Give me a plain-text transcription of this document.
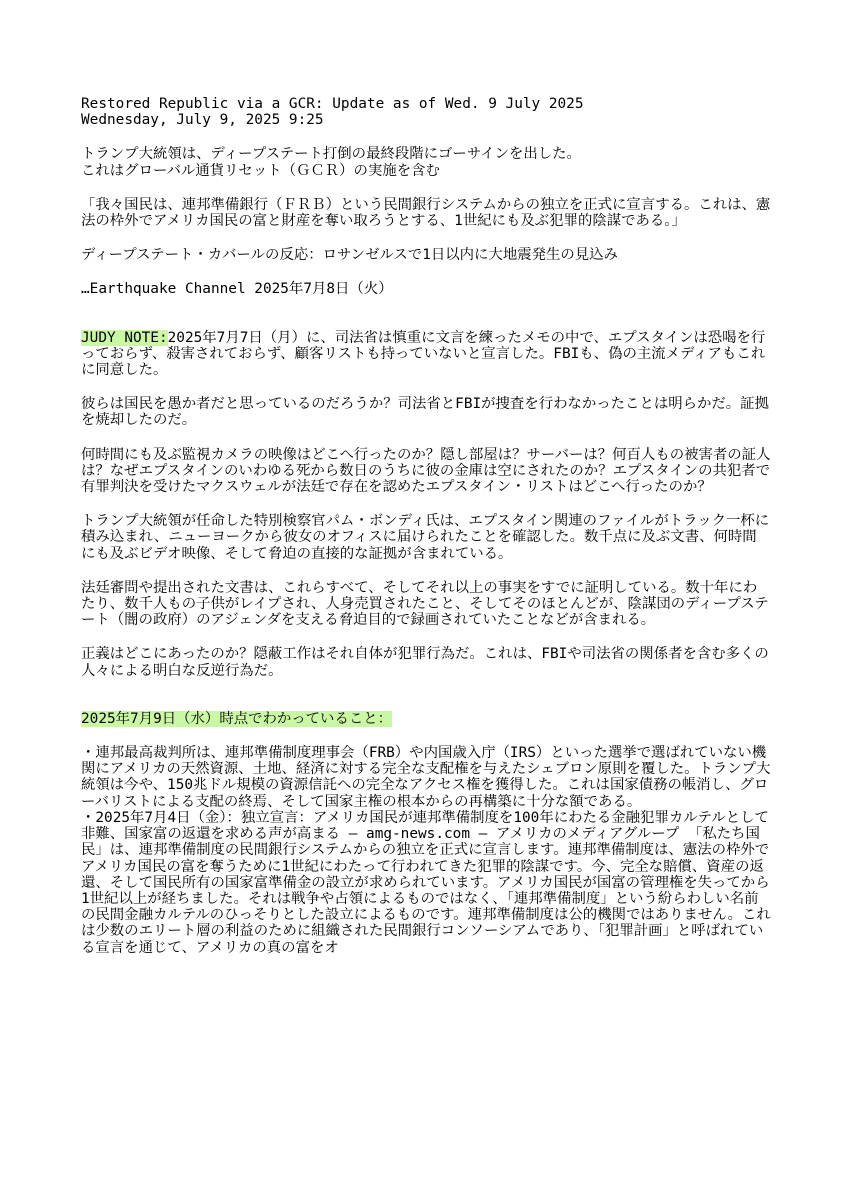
Restored Republic via a GCR: Update as of Wed. 9 July 2025

Wednesday, July 9, 2025 9:25

トランプ大統領は、ディープステート打倒の最終段階にゴーサインを出した。
これはグローバル通貨リセット（ＧＣＲ）の実施を含む

「我々国民は、連邦準備銀行（ＦＲＢ）という民間銀行システムからの独立を正式に宣言する。これは、憲法の枠外でアメリカ国民の富と財産を奪い取ろうとする、1世紀にも及ぶ犯罪的陰謀である。」

ディープステート・カバールの反応：ロサンゼルスで1日以内に大地震発生の見込み

…Earthquake Channel 2025年7月8日（火）

JUDY NOTE:2025年7月7日（月）に、司法省は慎重に文言を練ったメモの中で、エプスタインは恐喝を行っておらず、殺害されておらず、顧客リストも持っていないと宣言した。FBIも、偽の主流メディアもこれに同意した。

彼らは国民を愚か者だと思っているのだろうか？司法省とFBIが捜査を行わなかったことは明らかだ。証拠を焼却したのだ。

何時間にも及ぶ監視カメラの映像はどこへ行ったのか？隠し部屋は？サーバーは？何百人もの被害者の証人は？なぜエプスタインのいわゆる死から数日のうちに彼の金庫は空にされたのか？エプスタインの共犯者で有罪判決を受けたマクスウェルが法廷で存在を認めたエプスタイン・リストはどこへ行ったのか？

トランプ大統領が任命した特別検察官パム・ボンディ氏は、エプスタイン関連のファイルがトラック一杯に積み込まれ、ニューヨークから彼女のオフィスに届けられたことを確認した。数千点に及ぶ文書、何時間にも及ぶビデオ映像、そして脅迫の直接的な証拠が含まれている。

法廷審問や提出された文書は、これらすべて、そしてそれ以上の事実をすでに証明している。数十年にわたり、数千人もの子供がレイプされ、人身売買されたこと、そしてそのほとんどが、陰謀団のディープステート（闇の政府）のアジェンダを支える脅迫目的で録画されていたことなどが含まれる。

正義はどこにあったのか？隠蔽工作はそれ自体が犯罪行為だ。これは、FBIや司法省の関係者を含む多くの人々による明白な反逆行為だ。

2025年7月9日（水）時点でわかっていること：

・連邦最高裁判所は、連邦準備制度理事会（FRB）や内国歳入庁（IRS）といった選挙で選ばれていない機関にアメリカの天然資源、土地、経済に対する完全な支配権を与えたシェブロン原則を覆した。トランプ大統領は今や、150兆ドル規模の資源信託への完全なアクセス権を獲得した。これは国家債務の帳消し、グローバリストによる支配の終焉、そして国家主権の根本からの再構築に十分な額である。

・2025年7月4日（金）：独立宣言：アメリカ国民が連邦準備制度を100年にわたる金融犯罪カルテルとして非難、国家富の返還を求める声が高まる – amg-news.com – アメリカのメディアグループ 「私たち国民」は、連邦準備制度の民間銀行システムからの独立を正式に宣言します。連邦準備制度は、憲法の枠外でアメリカ国民の富を奪うために1世紀にわたって行われてきた犯罪的陰謀です。今、完全な賠償、資産の返還、そして国民所有の国家富準備金の設立が求められています。アメリカ国民が国富の管理権を失ってから1世紀以上が経ちました。それは戦争や占領によるものではなく、「連邦準備制度」という紛らわしい名前の民間金融カルテルのひっそりとした設立によるものです。連邦準備制度は公的機関ではありません。これは少数のエリート層の利益のために組織された民間銀行コンソーシアムであり、「犯罪計画」と呼ばれている宣言を通じて、アメリカの真の富をオ
